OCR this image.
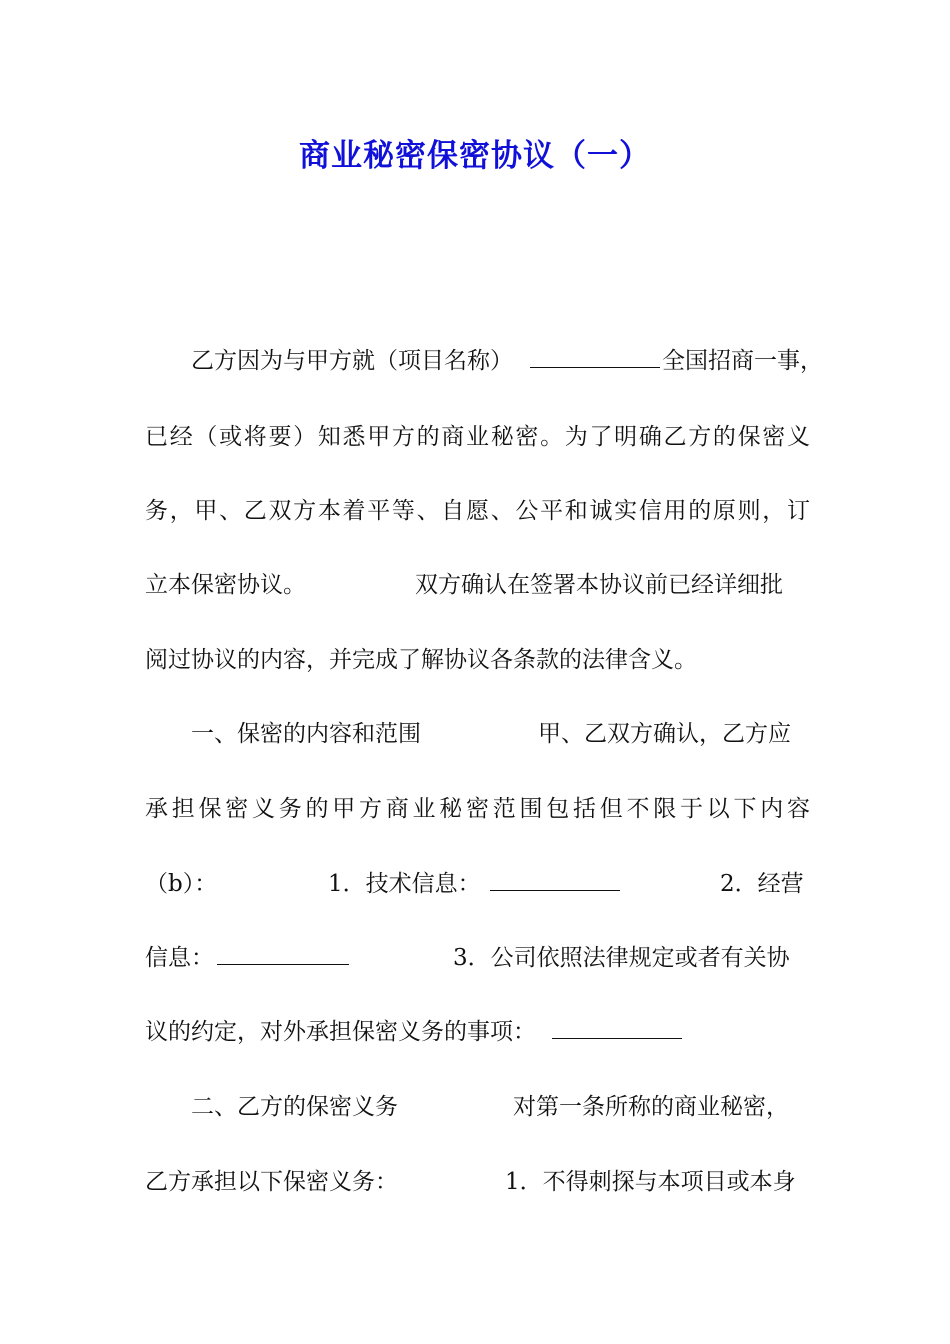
商业秘密保密协议（一）
乙方因为与甲方就（项目名称）	全国招商一事，
已经（或将要）知悉甲方的商业秘密。为了明确乙方的保密义
务，甲、乙双方本着平等、自愿、公平和诚实信用的原则，订
立本保密协议。	双方确认在签署本协议前已经详细批
阅过协议的内容，并完成了解协议各条款的法律含义。
一、保密的内容和范围	甲、乙双方确认，乙方应
承担保密义务的甲方商业秘密范围包括但不限于以下内容
（b）：	1．技术信息：	2．经营
信息：	3．公司依照法律规定或者有关协
议的约定，对外承担保密义务的事项：
二、乙方的保密义务	对第一条所称的商业秘密，
乙方承担以下保密义务：	1．不得刺探与本项目或本身
